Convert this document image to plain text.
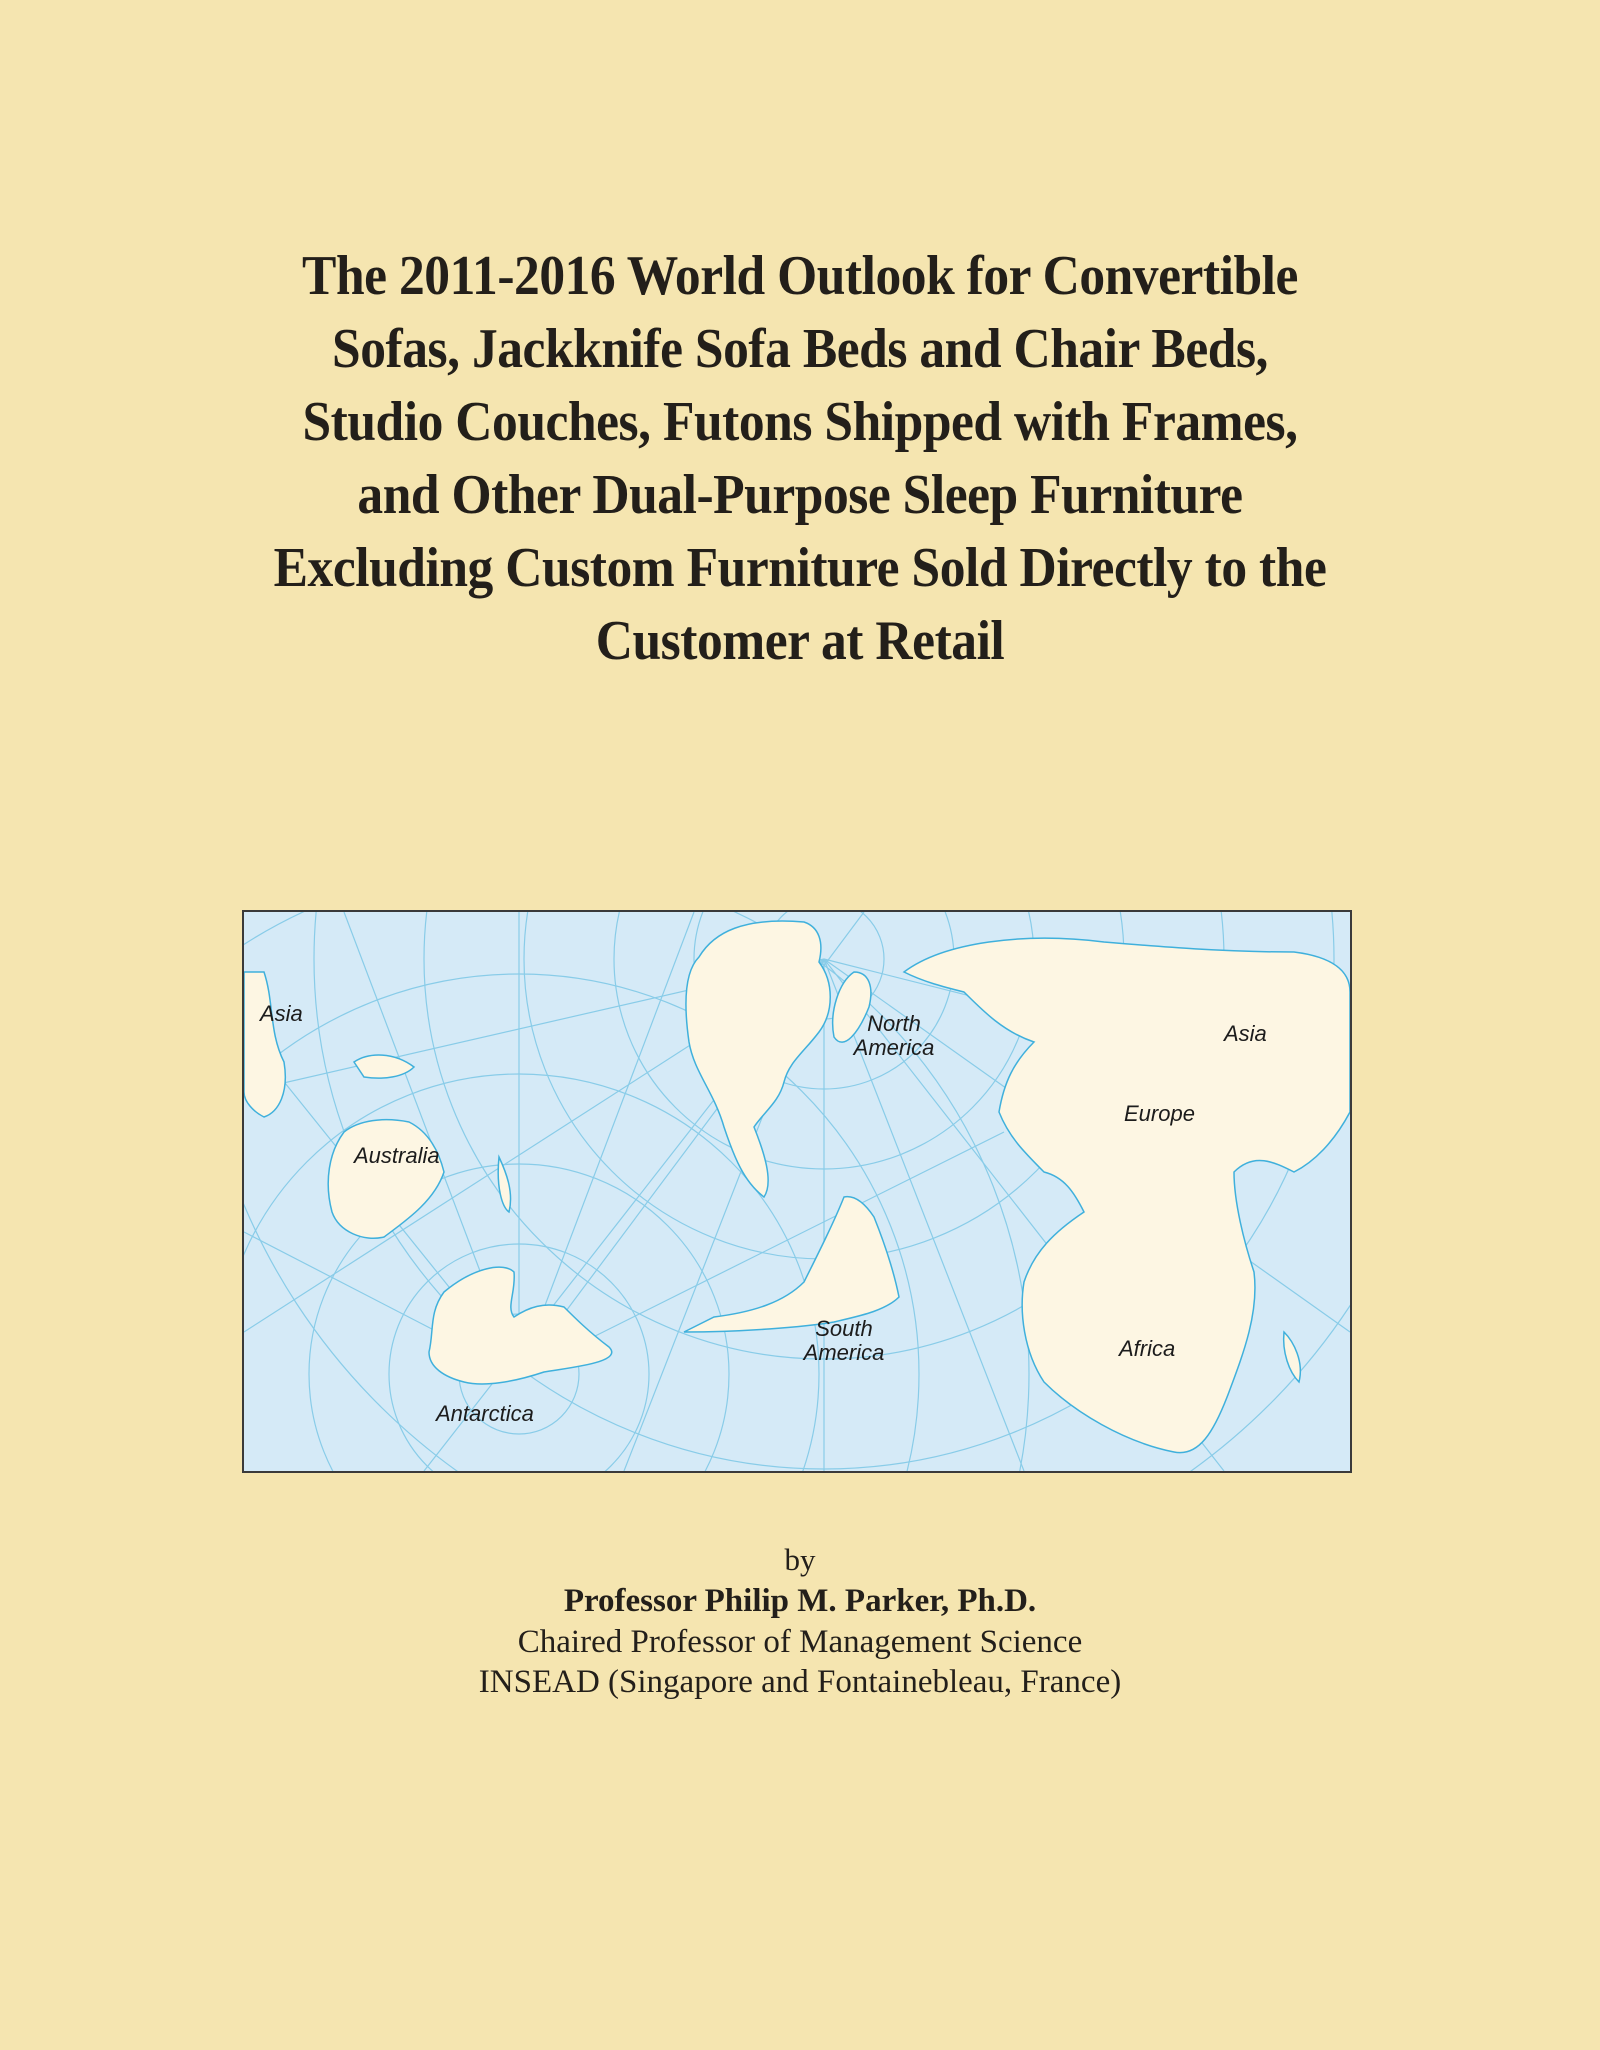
The 2011-2016 World Outlook for Convertible
Sofas, Jackknife Sofa Beds and Chair Beds,
Studio Couches, Futons Shipped with Frames,
and Other Dual-Purpose Sleep Furniture
Excluding Custom Furniture Sold Directly to the
Customer at Retail
Asia
Australia
Antarctica
North
America
South
America
Europe
Asia
Africa
by
Professor Philip M. Parker, Ph.D.
Chaired Professor of Management Science
INSEAD (Singapore and Fontainebleau, France)
